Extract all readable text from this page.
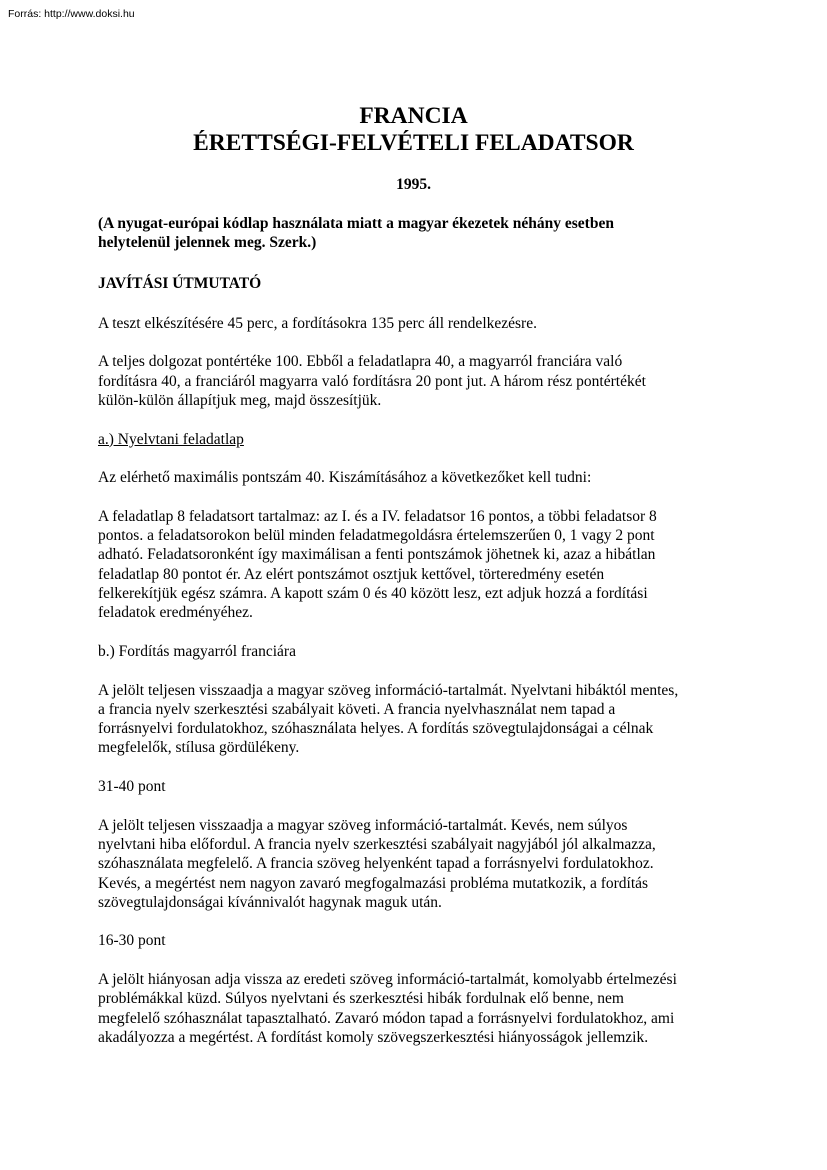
Forrás: http://www.doksi.hu
FRANCIA
ÉRETTSÉGI-FELVÉTELI FELADATSOR
1995.

(A nyugat-európai kódlap használata miatt a magyar ékezetek néhány esetben

helytelenül jelennek meg. Szerk.)

JAVÍTÁSI ÚTMUTATÓ

A teszt elkészítésére 45 perc, a fordításokra 135 perc áll rendelkezésre.

A teljes dolgozat pontértéke 100. Ebből a feladatlapra 40, a magyarról franciára való

fordításra 40, a franciáról magyarra való fordításra 20 pont jut. A három rész pontértékét

külön-külön állapítjuk meg, majd összesítjük.

a.) Nyelvtani feladatlap

Az elérhető maximális pontszám 40. Kiszámításához a következőket kell tudni:

A feladatlap 8 feladatsort tartalmaz: az I. és a IV. feladatsor 16 pontos, a többi feladatsor 8

pontos. a feladatsorokon belül minden feladatmegoldásra értelemszerűen 0, 1 vagy 2 pont

adható. Feladatsoronként így maximálisan a fenti pontszámok jöhetnek ki, azaz a hibátlan

feladatlap 80 pontot ér. Az elért pontszámot osztjuk kettővel, törteredmény esetén

felkerekítjük egész számra. A kapott szám 0 és 40 között lesz, ezt adjuk hozzá a fordítási

feladatok eredményéhez.

b.) Fordítás magyarról franciára

A jelölt teljesen visszaadja a magyar szöveg információ-tartalmát. Nyelvtani hibáktól mentes,

a francia nyelv szerkesztési szabályait követi. A francia nyelvhasználat nem tapad a

forrásnyelvi fordulatokhoz, szóhasználata helyes. A fordítás szövegtulajdonságai a célnak

megfelelők, stílusa gördülékeny.

31-40 pont

A jelölt teljesen visszaadja a magyar szöveg információ-tartalmát. Kevés, nem súlyos

nyelvtani hiba előfordul. A francia nyelv szerkesztési szabályait nagyjából jól alkalmazza,

szóhasználata megfelelő. A francia szöveg helyenként tapad a forrásnyelvi fordulatokhoz.

Kevés, a megértést nem nagyon zavaró megfogalmazási probléma mutatkozik, a fordítás

szövegtulajdonságai kívánnivalót hagynak maguk után.

16-30 pont

A jelölt hiányosan adja vissza az eredeti szöveg információ-tartalmát, komolyabb értelmezési

problémákkal küzd. Súlyos nyelvtani és szerkesztési hibák fordulnak elő benne, nem

megfelelő szóhasználat tapasztalható. Zavaró módon tapad a forrásnyelvi fordulatokhoz, ami

akadályozza a megértést. A fordítást komoly szövegszerkesztési hiányosságok jellemzik.
